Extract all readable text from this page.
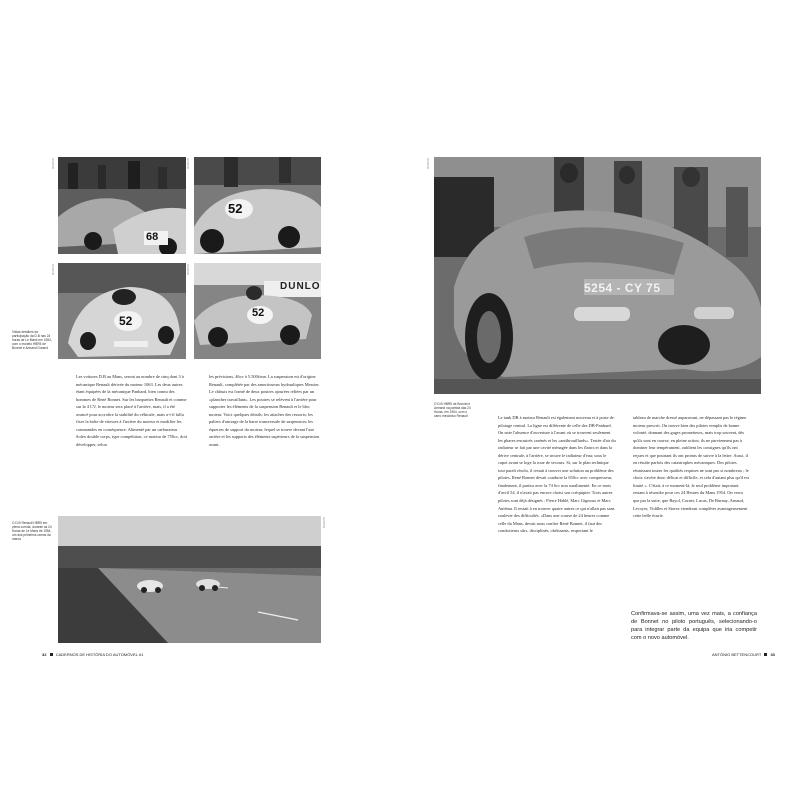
DIREITOS
68
DIREITOS
52
DIREITOS
52
DIREITOS
DUNLO
52
Vistas detalhes da participação da D.B nas 24 horas de Le Mans em 1954, com o modelo HBR5 de Bonnet e Armand Durand
Les voitures D.B au Mans, seront au nombre de cinq dont 3 à mécanique Renault dérivée du moteur 1063. Les deux autres étant équipées de la mécanique Panhard, bien connu des hommes de René Bonnet. Sur les barquettes Renault et comme sur la 4 CV, le moteur sera placé à l'arrière, mais, il a été avancé pour accroître la stabilité du véhicule, mais a-t-il fallu fixer la boîte de vitesses à l'arrière du moteur et modifier les commandes en conséquence. Alimenté par un carburateur Solex double corps, type compétition, ce moteur de 750cc, doit développer, selon
les prévisions, 46cv à 5.500t/mn. La suspension est d'origine Renault, complétée par des amortisseurs hydrauliques Messier. Le châssis est formé de deux poutres ajourées reliées par un «plancher travaillant». Les poutres se relèvent à l'arrière pour supporter les éléments de la suspension Renault et le bloc moteur. Voici quelques détails: les attaches des ressorts; les paliers d'ancrage de la barre transversale de suspension; les équerres de support du moteur, lequel se trouve devant l'axe arrière et les supports des éléments supérieurs de la suspension avant.
O D.B Renault HBR5 em plena corrida, durante as 24 Horas de Le Mans de 1954, um dos primeiros carros da marca
DIREITOS
32 CADERNOS DE HISTÓRIA DO AUTOMÓVEL #1
DIREITOS
5254 - CY 75
O D.B HBR5 de Bonnet e Armand na partida das 24 Horas, em 1954, com o carro mecânico Renault	Le tank DB à moteur Renault est également nouveau et à poste de pilotage central. La ligne est différente de celle des DB-Panhard. On note l'absence d'ouverture à l'avant où se trouvent seulement les phares encastrés carénés et les «antibrouillards». Testée d'air du radiateur se fait par une cavité ménagée dans les flancs et dans la dérive centrale, à l'arrière, se trouve le radiateur d'eau; sous le capot avant se loge la roue de secours. Si, sur le plan technique tout paraît résolu, il restait à trouver une solution au problème des pilotes. René Bonnet devait conduire la 650cc avec compresseur, finalement, il partira avec la 74 6cc non suralimenté. En ce mois d'avril 54, il n'avait pas encore choisi son coéquipier. Trois autres pilotes sont déjà désignés : Pierre Hablé, Marc Gignoux et Marc Aniéma. Il restait à en trouver quatre autres ce qui n'allait pas sans soulever des difficultés. «Dans une course de 24 heures comme celle du Mans, devait nous confier René Bonnet, il faut des conducteurs sûrs, disciplinés, obéissants, respectant le
tableau de marche dressé auparavant, ne dépassant pas le régime moteur prescrit. On trouve bien des pilotes remplis de bonne volonté, donnant des gages prometteurs, mais trop souvent, dès qu'ils sont en course, en pleine action, ils ne parviennent pas à dominer leur tempérament, oublient les consignes qu'ils ont reçues et que pourtant ils ont promis de suivre à la lettre. Aussi, il en résulte parfois des catastrophes mécaniques. Des pilotes réunissant toutes les qualités requises ne sont pas si nombreux ; le choix s'avère donc délicat et difficile, et cela d'autant plus qu'il est limité ». C'était, à ce moment-là, le seul problème important restant à résoudre pour ces 24 Heures du Mans 1954. On verra que par la suite, que Bayol, Cornet, Lucas, De Burnay, Arnaud, Lecoyer, Vidilles et Storez viendront compléter avantageusement cette belle écurie.
Confirmava-se assim, uma vez mais, a confiança de Bonnet no piloto português, selecionando-o para integrar parte da equipa que iria competir com o novo automóvel.
ANTÓNIO BETTENCOURT 33
